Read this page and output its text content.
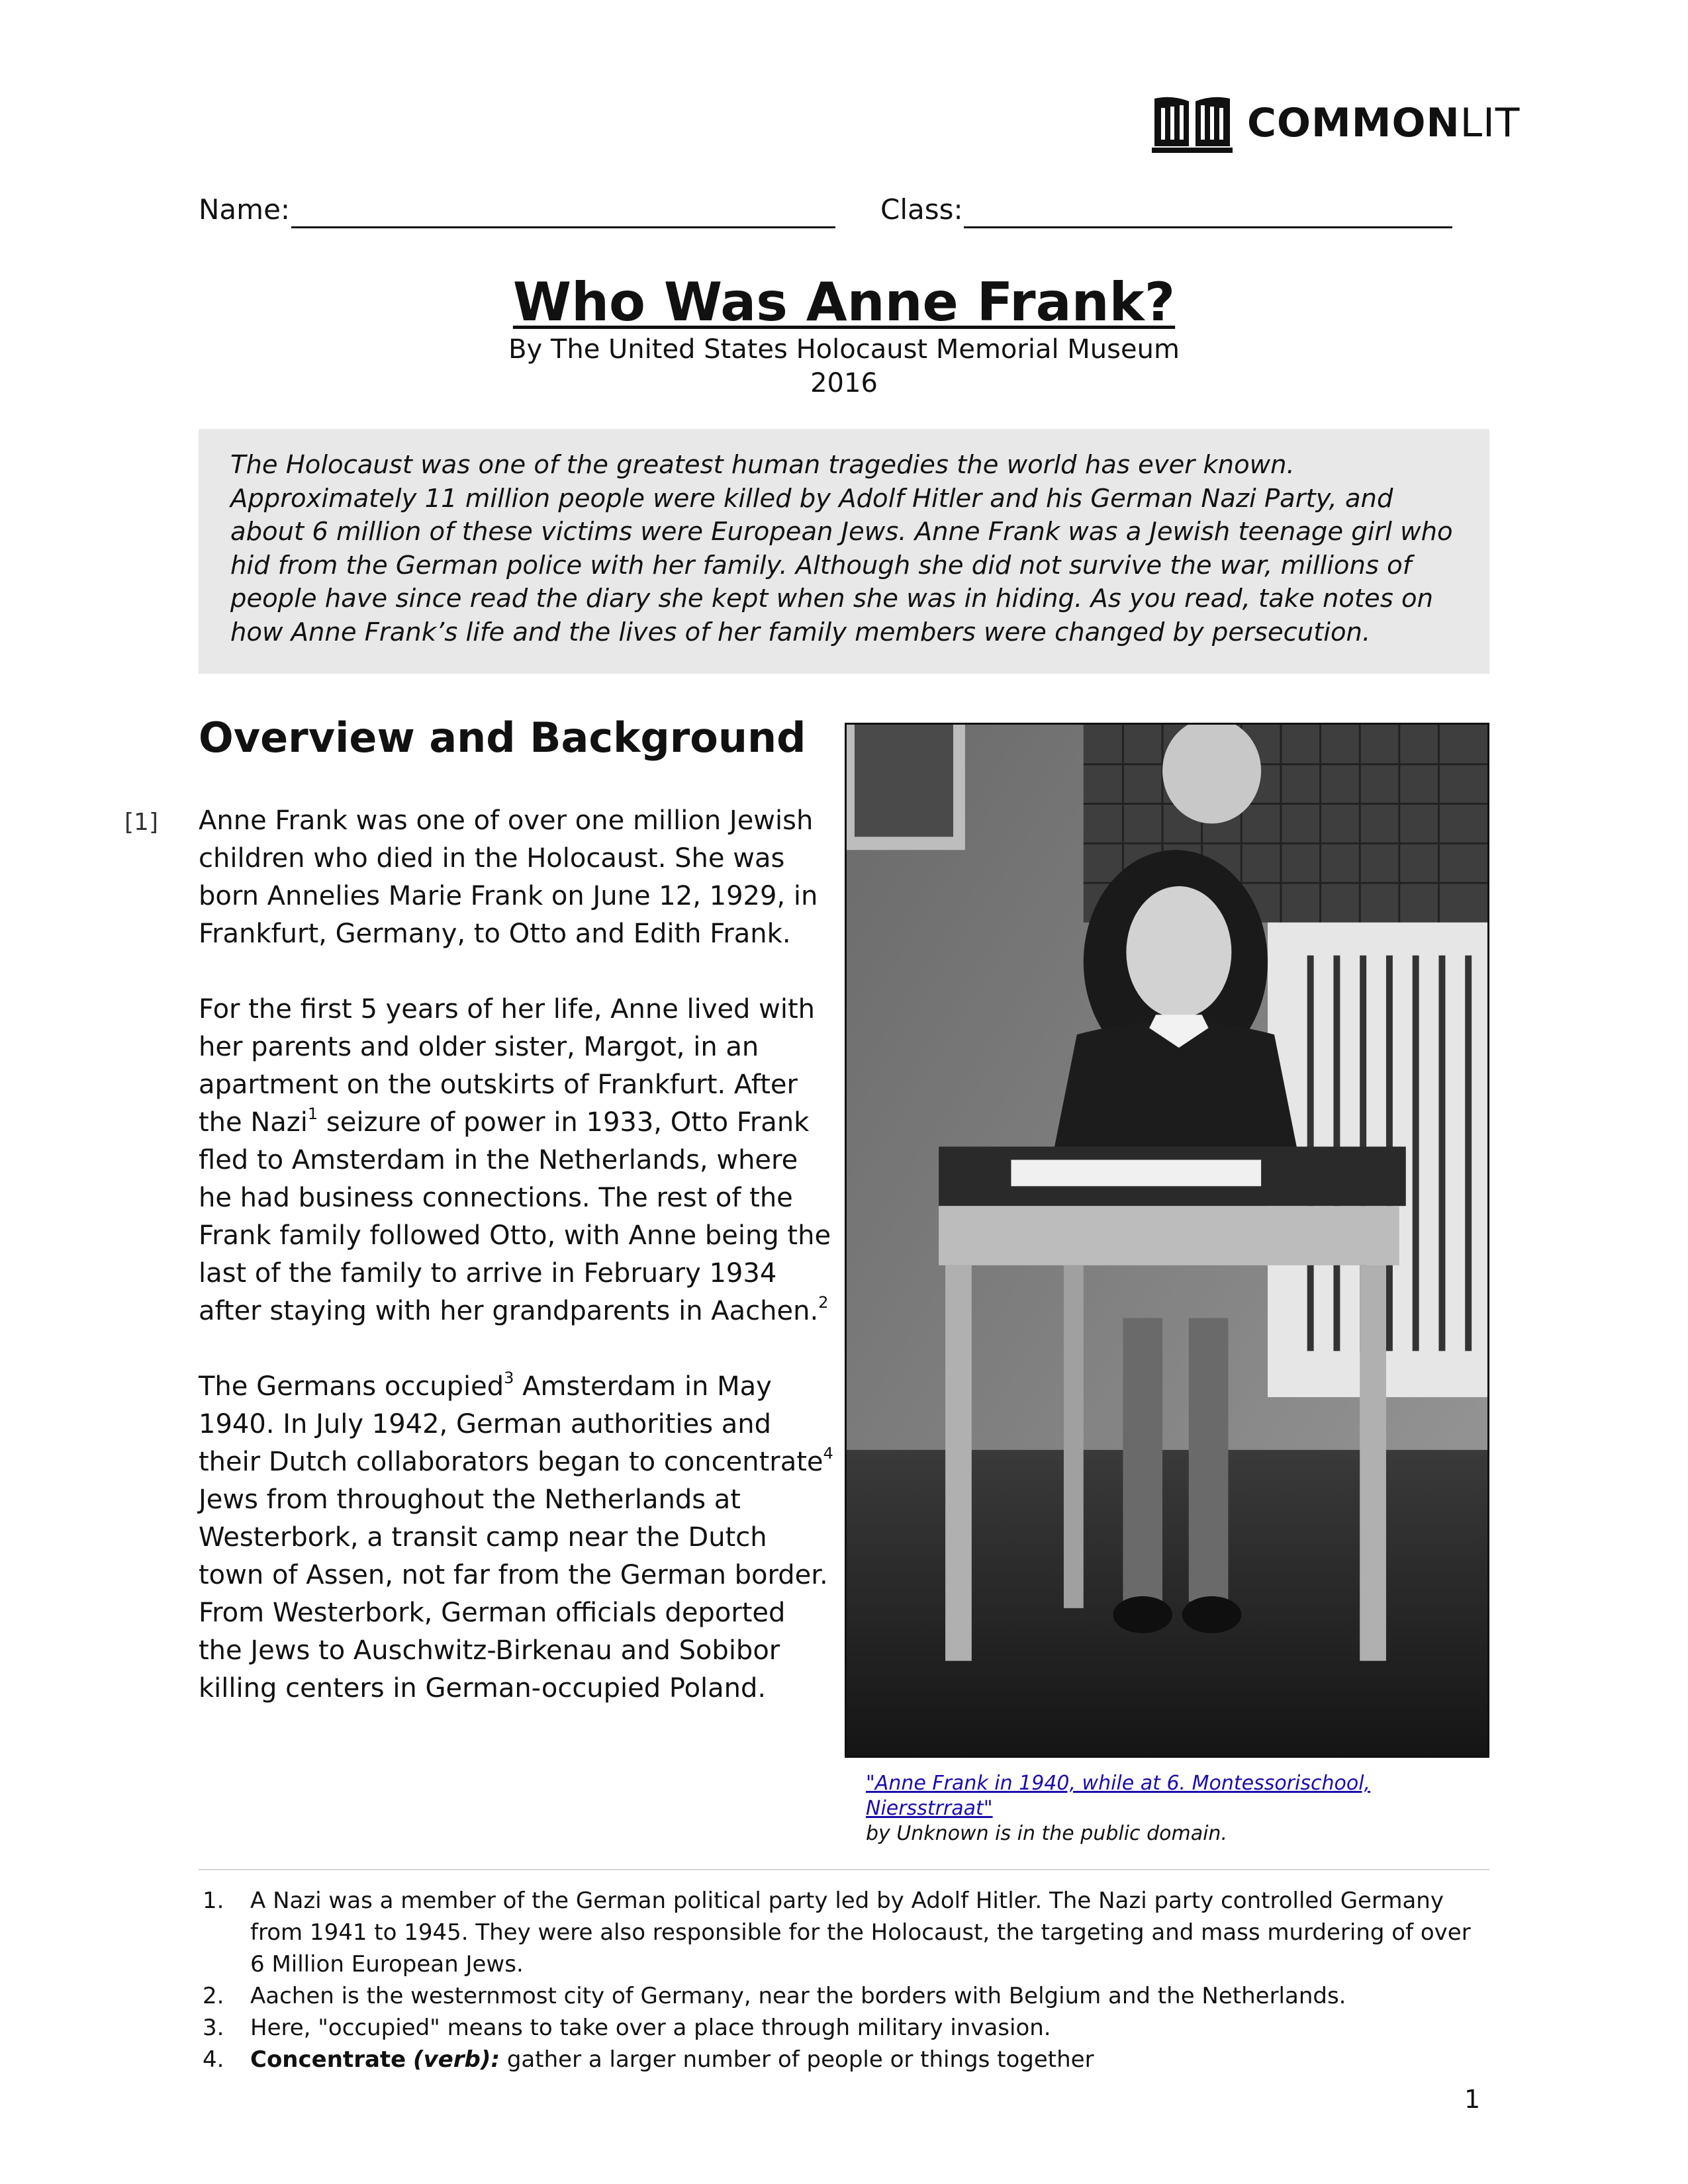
COMMONLIT
Name:	Class:
Who Was Anne Frank?
By The United States Holocaust Memorial Museum
2016

The Holocaust was one of the greatest human tragedies the world has ever known. Approximately 11 million people were killed by Adolf Hitler and his German Nazi Party, and about 6 million of these victims were European Jews. Anne Frank was a Jewish teenage girl who hid from the German police with her family. Although she did not survive the war, millions of people have since read the diary she kept when she was in hiding. As you read, take notes on how Anne Frank’s life and the lives of her family members were changed by persecution.

Overview and Background
[1] Anne Frank was one of over one million Jewish children who died in the Holocaust. She was born Annelies Marie Frank on June 12, 1929, in Frankfurt, Germany, to Otto and Edith Frank.

For the first 5 years of her life, Anne lived with her parents and older sister, Margot, in an apartment on the outskirts of Frankfurt. After the Nazi$^1$ seizure of power in 1933, Otto Frank fled to Amsterdam in the Netherlands, where he had business connections. The rest of the Frank family followed Otto, with Anne being the last of the family to arrive in February 1934 after staying with her grandparents in Aachen.$^2$

The Germans occupied$^3$ Amsterdam in May 1940. In July 1942, German authorities and their Dutch collaborators began to concentrate$^4$ Jews from throughout the Netherlands at Westerbork, a transit camp near the Dutch town of Assen, not far from the German border. From Westerbork, German officials deported the Jews to Auschwitz-Birkenau and Sobibor killing centers in German-occupied Poland.

"Anne Frank in 1940, while at 6. Montessorischool, Niersstrraat"
by Unknown is in the public domain.
1. A Nazi was a member of the German political party led by Adolf Hitler. The Nazi party controlled Germany from 1941 to 1945. They were also responsible for the Holocaust, the targeting and mass murdering of over 6 Million European Jews.
2. Aachen is the westernmost city of Germany, near the borders with Belgium and the Netherlands.
3. Here, "occupied" means to take over a place through military invasion.
4. Concentrate (verb): gather a larger number of people or things together
1
